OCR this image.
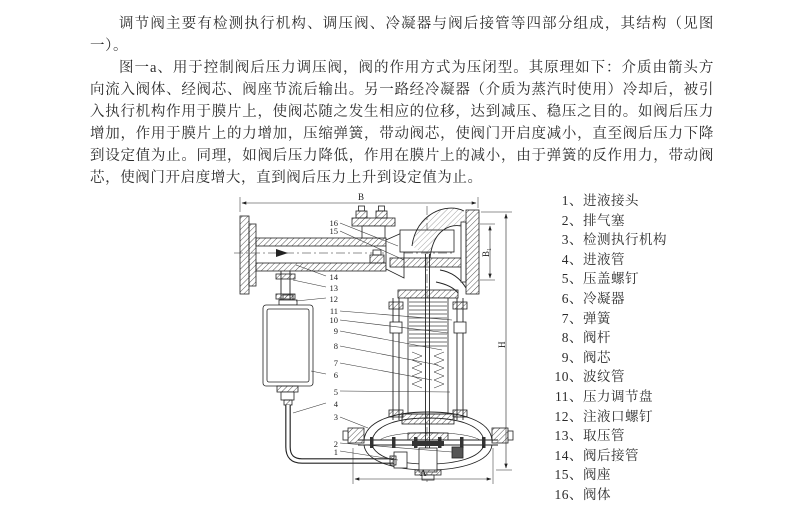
调节阀主要有检测执行机构、调压阀、冷凝器与阀后接管等四部分组成，其结构（见图一）。

图一a、用于控制阀后压力调压阀，阀的作用方式为压闭型。其原理如下：介质由箭头方向流入阀体、经阀芯、阀座节流后输出。另一路经冷凝器（介质为蒸汽时使用）冷却后，被引入执行机构作用于膜片上，使阀芯随之发生相应的位移，达到减压、稳压之目的。如阀后压力增加，作用于膜片上的力增加，压缩弹簧，带动阀芯，使阀门开启度减小，直至阀后压力下降到设定值为止。同理，如阀后压力降低，作用在膜片上的减小，由于弹簧的反作用力，带动阀芯，使阀门开启度增大，直到阀后压力上升到设定值为止。

B
A
H
B₁
16
15
14
13
12
11
10
9
8
7
6
5
4
3
2
1
1、进液接头
2、排气塞
3、检测执行机构
4、进液管
5、压盖螺钉
6、冷凝器
7、弹簧
8、阀杆
9、阀芯
10、波纹管
11、压力调节盘
12、注液口螺钉
13、取压管
14、阀后接管
15、阀座
16、阀体
